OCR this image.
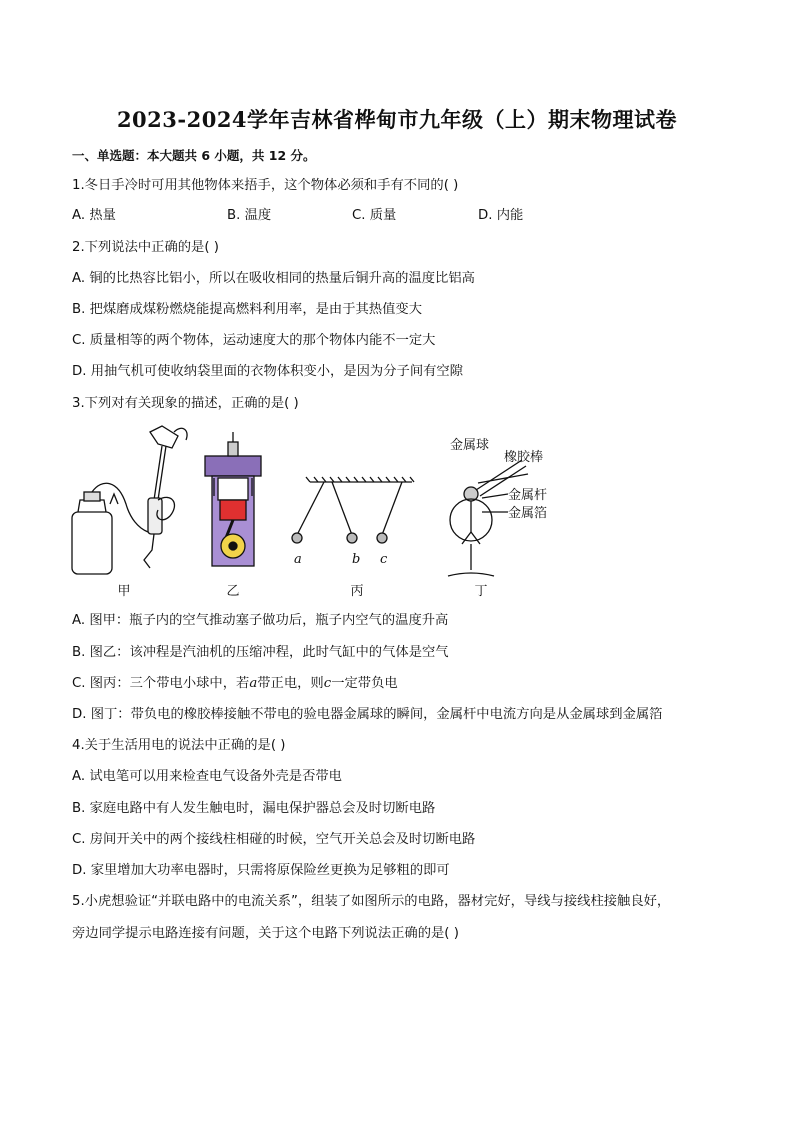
2023-2024学年吉林省桦甸市九年级（上）期末物理试卷
一、单选题：本大题共 6 小题，共 12 分。
1.冬日手冷时可用其他物体来捂手，这个物体必须和手有不同的( )
A. 热量	B. 温度	C. 质量	D. 内能
2.下列说法中正确的是( )
A. 铜的比热容比铝小，所以在吸收相同的热量后铜升高的温度比铝高
B. 把煤磨成煤粉燃烧能提高燃料利用率，是由于其热值变大
C. 质量相等的两个物体，运动速度大的那个物体内能不一定大
D. 用抽气机可使收纳袋里面的衣物体积变小，是因为分子间有空隙
3.下列对有关现象的描述，正确的是( )
a	b c
金属球
橡胶棒
金属杆
金属箔
甲	乙	丙	丁
A. 图甲：瓶子内的空气推动塞子做功后，瓶子内空气的温度升高
B. 图乙：该冲程是汽油机的压缩冲程，此时气缸中的气体是空气
C. 图丙：三个带电小球中，若a带正电，则c一定带负电
D. 图丁：带负电的橡胶棒接触不带电的验电器金属球的瞬间，金属杆中电流方向是从金属球到金属箔
4.关于生活用电的说法中正确的是( )
A. 试电笔可以用来检查电气设备外壳是否带电
B. 家庭电路中有人发生触电时，漏电保护器总会及时切断电路
C. 房间开关中的两个接线柱相碰的时候，空气开关总会及时切断电路
D. 家里增加大功率电器时，只需将原保险丝更换为足够粗的即可
5.小虎想验证“并联电路中的电流关系”，组装了如图所示的电路，器材完好，导线与接线柱接触良好，
旁边同学提示电路连接有问题，关于这个电路下列说法正确的是( )
